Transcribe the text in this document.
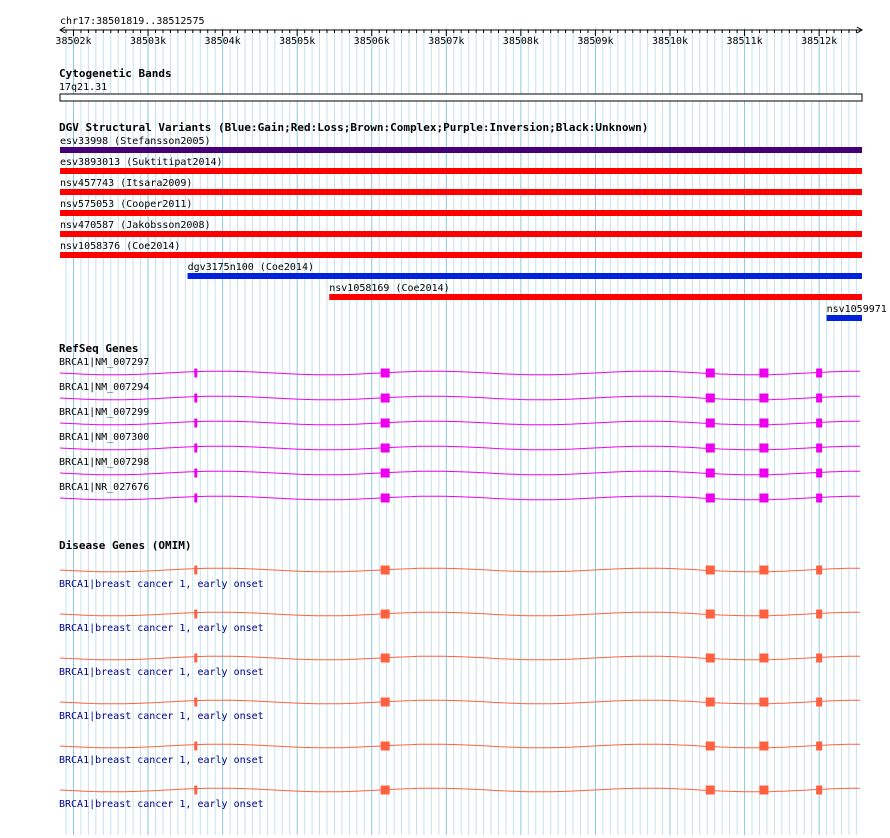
chr17:38501819..38512575
38502k	38503k	38504k	38505k	38506k	38507k	38508k	38509k	38510k	38511k	38512k
Cytogenetic Bands
17q21.31
DGV Structural Variants (Blue:Gain;Red:Loss;Brown:Complex;Purple:Inversion;Black:Unknown)
esv33998 (Stefansson2005)
esv3893013 (Suktitipat2014)
nsv457743 (Itsara2009)
nsv575053 (Cooper2011)
nsv470587 (Jakobsson2008)
nsv1058376 (Coe2014)
dgv3175n100 (Coe2014)
nsv1058169 (Coe2014)
nsv1059971
RefSeq Genes
BRCA1|NM_007297
BRCA1|NM_007294
BRCA1|NM_007299
BRCA1|NM_007300
BRCA1|NM_007298
BRCA1|NR_027676
Disease Genes (OMIM)
BRCA1|breast cancer 1, early onset
BRCA1|breast cancer 1, early onset
BRCA1|breast cancer 1, early onset
BRCA1|breast cancer 1, early onset
BRCA1|breast cancer 1, early onset
BRCA1|breast cancer 1, early onset
